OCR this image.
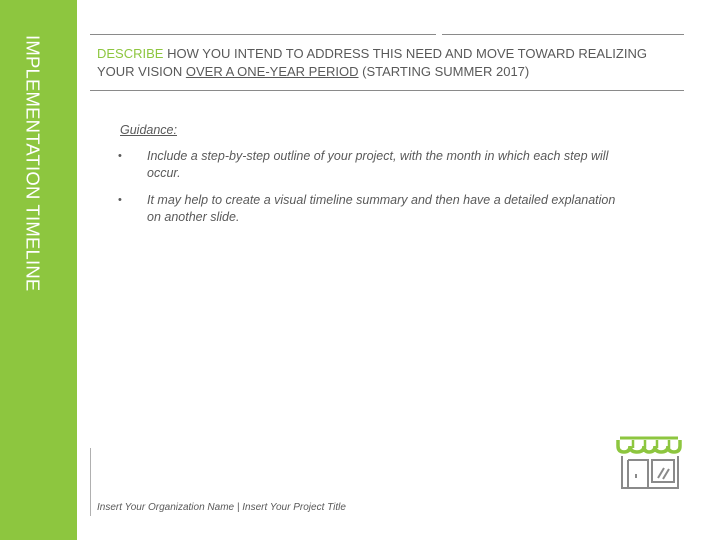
IMPLEMENTATION TIMELINE	DESCRIBE HOW YOU INTEND TO ADDRESS THIS NEED AND MOVE TOWARD REALIZING YOUR VISION OVER A ONE-YEAR PERIOD (STARTING SUMMER 2017)
Guidance:
• Include a step-by-step outline of your project, with the month in which each step will occur.
• It may help to create a visual timeline summary and then have a detailed explanation on another slide.
Insert Your Organization Name | Insert Your Project Title
